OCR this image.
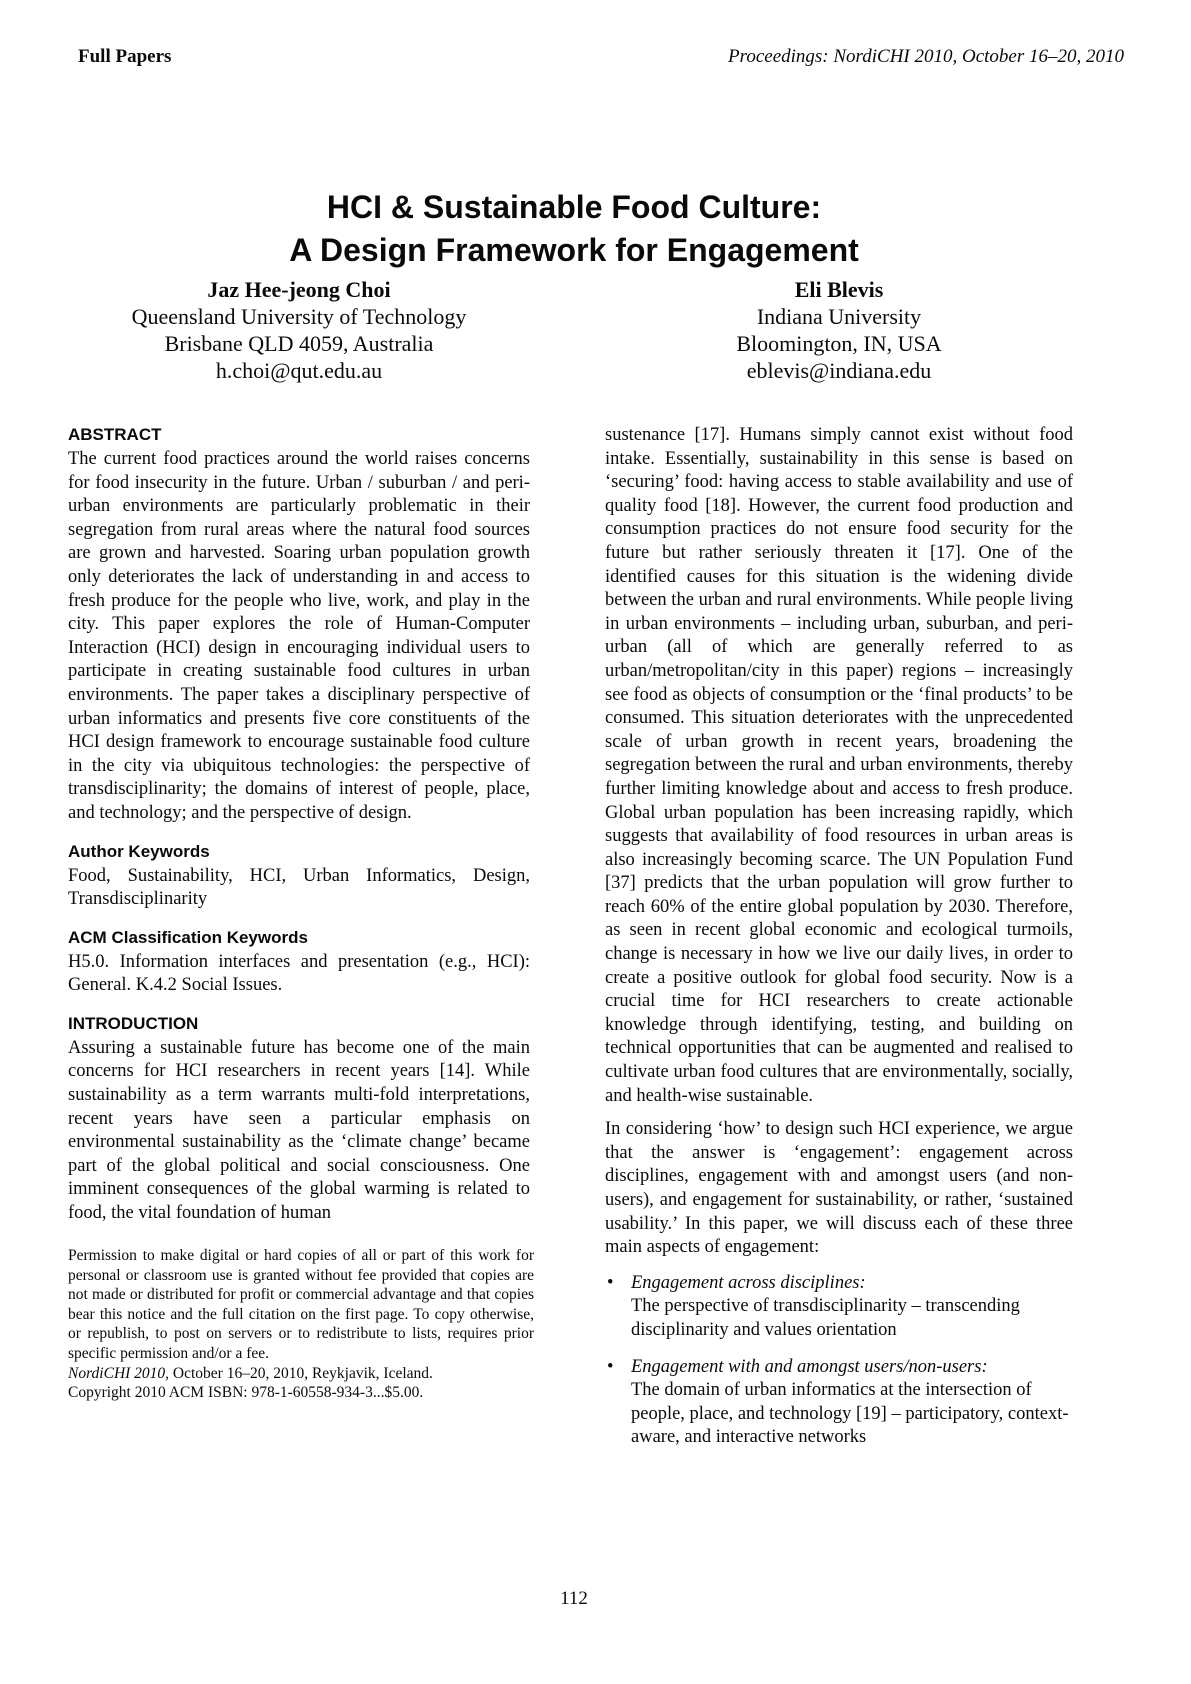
Full Papers	Proceedings: NordiCHI 2010, October 16–20, 2010
HCI & Sustainable Food Culture:
A Design Framework for Engagement
Jaz Hee-jeong Choi
Queensland University of Technology
Brisbane QLD 4059, Australia
h.choi@qut.edu.au
Eli Blevis
Indiana University
Bloomington, IN, USA
eblevis@indiana.edu
ABSTRACT

The current food practices around the world raises concerns for food insecurity in the future. Urban / suburban / and peri-urban environments are particularly problematic in their segregation from rural areas where the natural food sources are grown and harvested. Soaring urban population growth only deteriorates the lack of understanding in and access to fresh produce for the people who live, work, and play in the city. This paper explores the role of Human-Computer Interaction (HCI) design in encouraging individual users to participate in creating sustainable food cultures in urban environments. The paper takes a disciplinary perspective of urban informatics and presents five core constituents of the HCI design framework to encourage sustainable food culture in the city via ubiquitous technologies: the perspective of transdisciplinarity; the domains of interest of people, place, and technology; and the perspective of design.

Author Keywords

Food, Sustainability, HCI, Urban Informatics, Design, Transdisciplinarity

ACM Classification Keywords

H5.0. Information interfaces and presentation (e.g., HCI): General. K.4.2 Social Issues.

INTRODUCTION

Assuring a sustainable future has become one of the main concerns for HCI researchers in recent years [14]. While sustainability as a term warrants multi-fold interpretations, recent years have seen a particular emphasis on environmental sustainability as the ‘climate change’ became part of the global political and social consciousness. One imminent consequences of the global warming is related to food, the vital foundation of human

sustenance [17]. Humans simply cannot exist without food intake. Essentially, sustainability in this sense is based on ‘securing’ food: having access to stable availability and use of quality food [18]. However, the current food production and consumption practices do not ensure food security for the future but rather seriously threaten it [17]. One of the identified causes for this situation is the widening divide between the urban and rural environments. While people living in urban environments – including urban, suburban, and peri-urban (all of which are generally referred to as urban/metropolitan/city in this paper) regions – increasingly see food as objects of consumption or the ‘final products’ to be consumed. This situation deteriorates with the unprecedented scale of urban growth in recent years, broadening the segregation between the rural and urban environments, thereby further limiting knowledge about and access to fresh produce. Global urban population has been increasing rapidly, which suggests that availability of food resources in urban areas is also increasingly becoming scarce. The UN Population Fund [37] predicts that the urban population will grow further to reach 60% of the entire global population by 2030. Therefore, as seen in recent global economic and ecological turmoils, change is necessary in how we live our daily lives, in order to create a positive outlook for global food security. Now is a crucial time for HCI researchers to create actionable knowledge through identifying, testing, and building on technical opportunities that can be augmented and realised to cultivate urban food cultures that are environmentally, socially, and health-wise sustainable.

In considering ‘how’ to design such HCI experience, we argue that the answer is ‘engagement’: engagement across disciplines, engagement with and amongst users (and non-users), and engagement for sustainability, or rather, ‘sustained usability.’ In this paper, we will discuss each of these three main aspects of engagement:

• Engagement across disciplines:
The perspective of transdisciplinarity – transcending disciplinarity and values orientation
• Engagement with and amongst users/non-users:
The domain of urban informatics at the intersection of people, place, and technology [19] – participatory, context-aware, and interactive networks
Permission to make digital or hard copies of all or part of this work for personal or classroom use is granted without fee provided that copies are not made or distributed for profit or commercial advantage and that copies bear this notice and the full citation on the first page. To copy otherwise, or republish, to post on servers or to redistribute to lists, requires prior specific permission and/or a fee.
NordiCHI 2010, October 16–20, 2010, Reykjavik, Iceland.
Copyright 2010 ACM ISBN: 978-1-60558-934-3...$5.00.
112
